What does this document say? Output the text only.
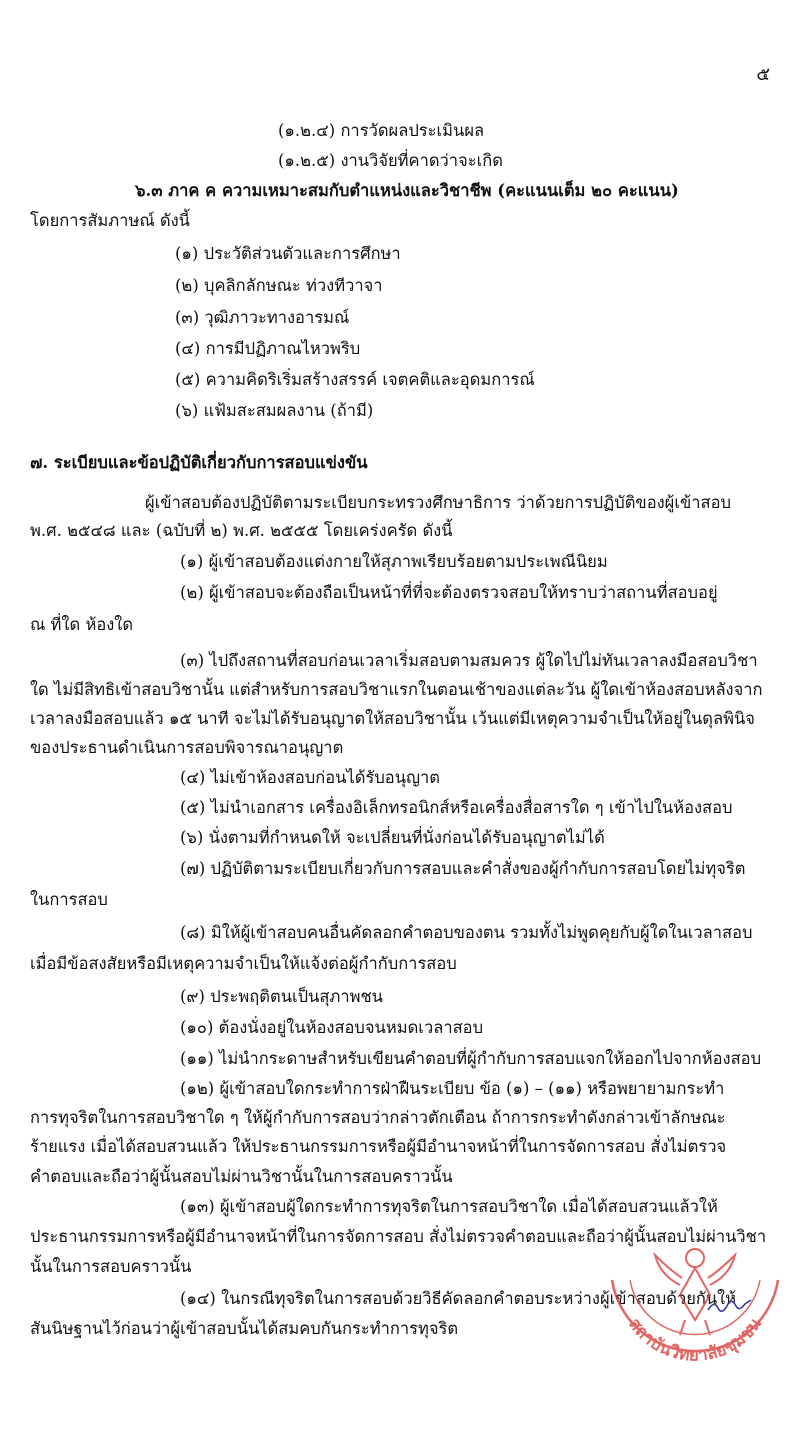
๕
(๑.๒.๔) การวัดผลประเมินผล
(๑.๒.๕) งานวิจัยที่คาดว่าจะเกิด
๖.๓ ภาค ค ความเหมาะสมกับตำแหน่งและวิชาชีพ (คะแนนเต็ม ๒๐ คะแนน)
โดยการสัมภาษณ์ ดังนี้
(๑) ประวัติส่วนตัวและการศึกษา
(๒) บุคลิกลักษณะ ท่วงทีวาจา
(๓) วุฒิภาวะทางอารมณ์
(๔) การมีปฏิภาณไหวพริบ
(๕) ความคิดริเริ่มสร้างสรรค์ เจตคติและอุดมการณ์
(๖) แฟ้มสะสมผลงาน (ถ้ามี)
๗. ระเบียบและข้อปฏิบัติเกี่ยวกับการสอบแข่งขัน
ผู้เข้าสอบต้องปฏิบัติตามระเบียบกระทรวงศึกษาธิการ ว่าด้วยการปฏิบัติของผู้เข้าสอบ
พ.ศ. ๒๕๔๘ และ (ฉบับที่ ๒) พ.ศ. ๒๕๕๕ โดยเคร่งครัด ดังนี้
(๑) ผู้เข้าสอบต้องแต่งกายให้สุภาพเรียบร้อยตามประเพณีนิยม
(๒) ผู้เข้าสอบจะต้องถือเป็นหน้าที่ที่จะต้องตรวจสอบให้ทราบว่าสถานที่สอบอยู่
ณ ที่ใด ห้องใด
(๓) ไปถึงสถานที่สอบก่อนเวลาเริ่มสอบตามสมควร ผู้ใดไปไม่ทันเวลาลงมือสอบวิชา
ใด ไม่มีสิทธิเข้าสอบวิชานั้น แต่สำหรับการสอบวิชาแรกในตอนเช้าของแต่ละวัน ผู้ใดเข้าห้องสอบหลังจาก
เวลาลงมือสอบแล้ว ๑๕ นาที จะไม่ได้รับอนุญาตให้สอบวิชานั้น เว้นแต่มีเหตุความจำเป็นให้อยู่ในดุลพินิจ
ของประธานดำเนินการสอบพิจารณาอนุญาต
(๔) ไม่เข้าห้องสอบก่อนได้รับอนุญาต
(๕) ไม่นำเอกสาร เครื่องอิเล็กทรอนิกส์หรือเครื่องสื่อสารใด ๆ เข้าไปในห้องสอบ
(๖) นั่งตามที่กำหนดให้ จะเปลี่ยนที่นั่งก่อนได้รับอนุญาตไม่ได้
(๗) ปฏิบัติตามระเบียบเกี่ยวกับการสอบและคำสั่งของผู้กำกับการสอบโดยไม่ทุจริต
ในการสอบ
(๘) มิให้ผู้เข้าสอบคนอื่นคัดลอกคำตอบของตน รวมทั้งไม่พูดคุยกับผู้ใดในเวลาสอบ
เมื่อมีข้อสงสัยหรือมีเหตุความจำเป็นให้แจ้งต่อผู้กำกับการสอบ
(๙) ประพฤติตนเป็นสุภาพชน
(๑๐) ต้องนั่งอยู่ในห้องสอบจนหมดเวลาสอบ
(๑๑) ไม่นำกระดาษสำหรับเขียนคำตอบที่ผู้กำกับการสอบแจกให้ออกไปจากห้องสอบ
(๑๒) ผู้เข้าสอบใดกระทำการฝ่าฝืนระเบียบ ข้อ (๑) – (๑๑) หรือพยายามกระทำ
การทุจริตในการสอบวิชาใด ๆ ให้ผู้กำกับการสอบว่ากล่าวตักเตือน ถ้าการกระทำดังกล่าวเข้าลักษณะ
ร้ายแรง เมื่อได้สอบสวนแล้ว ให้ประธานกรรมการหรือผู้มีอำนาจหน้าที่ในการจัดการสอบ สั่งไม่ตรวจ
คำตอบและถือว่าผู้นั้นสอบไม่ผ่านวิชานั้นในการสอบคราวนั้น
(๑๓) ผู้เข้าสอบผู้ใดกระทำการทุจริตในการสอบวิชาใด เมื่อได้สอบสวนแล้วให้
ประธานกรรมการหรือผู้มีอำนาจหน้าที่ในการจัดการสอบ สั่งไม่ตรวจคำตอบและถือว่าผู้นั้นสอบไม่ผ่านวิชา
นั้นในการสอบคราวนั้น
(๑๔) ในกรณีทุจริตในการสอบด้วยวิธีคัดลอกคำตอบระหว่างผู้เข้าสอบด้วยกันให้
สันนิษฐานไว้ก่อนว่าผู้เข้าสอบนั้นได้สมคบกันกระทำการทุจริต	สถาบันวิทยาลัยชุมชน
